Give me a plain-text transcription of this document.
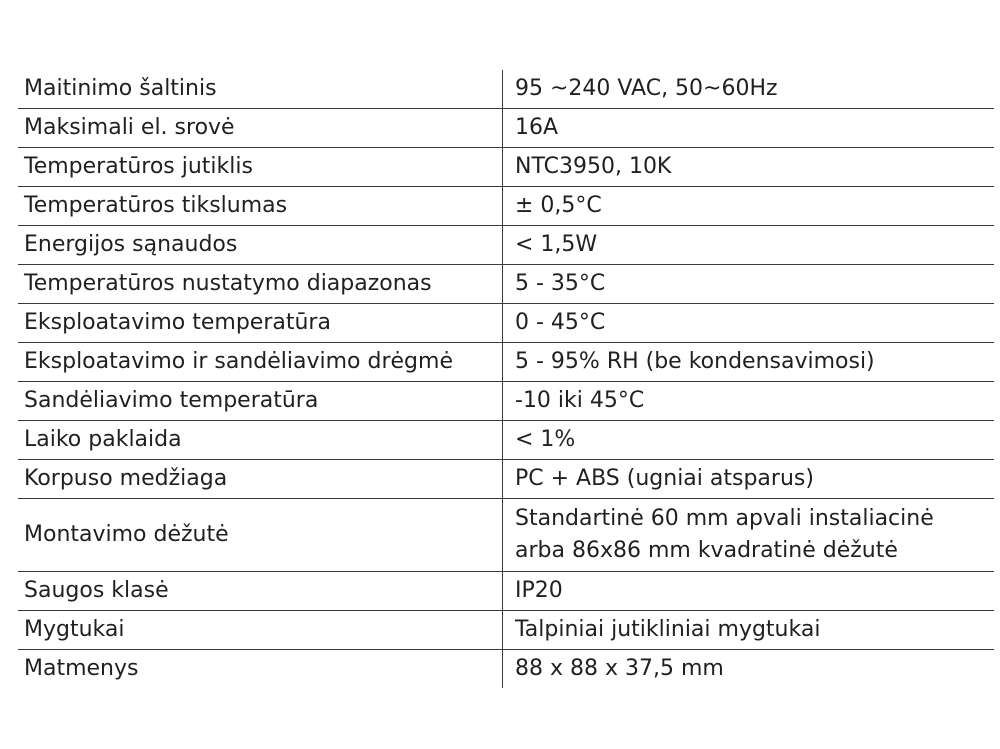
Maitinimo šaltinis	95 ~240 VAC, 50~60Hz
Maksimali el. srovė	16A
Temperatūros jutiklis	NTC3950, 10K
Temperatūros tikslumas	± 0,5°C
Energijos sąnaudos	< 1,5W
Temperatūros nustatymo diapazonas	5 - 35°C
Eksploatavimo temperatūra	0 - 45°C
Eksploatavimo ir sandėliavimo drėgmė	5 - 95% RH (be kondensavimosi)
Sandėliavimo temperatūra	-10 iki 45°C
Laiko paklaida	< 1%
Korpuso medžiaga	PC + ABS (ugniai atsparus)
Montavimo dėžutė	Standartinė 60 mm apvali instaliacinė
arba 86x86 mm kvadratinė dėžutė

Saugos klasė	IP20
Mygtukai	Talpiniai jutikliniai mygtukai
Matmenys	88 x 88 x 37,5 mm
